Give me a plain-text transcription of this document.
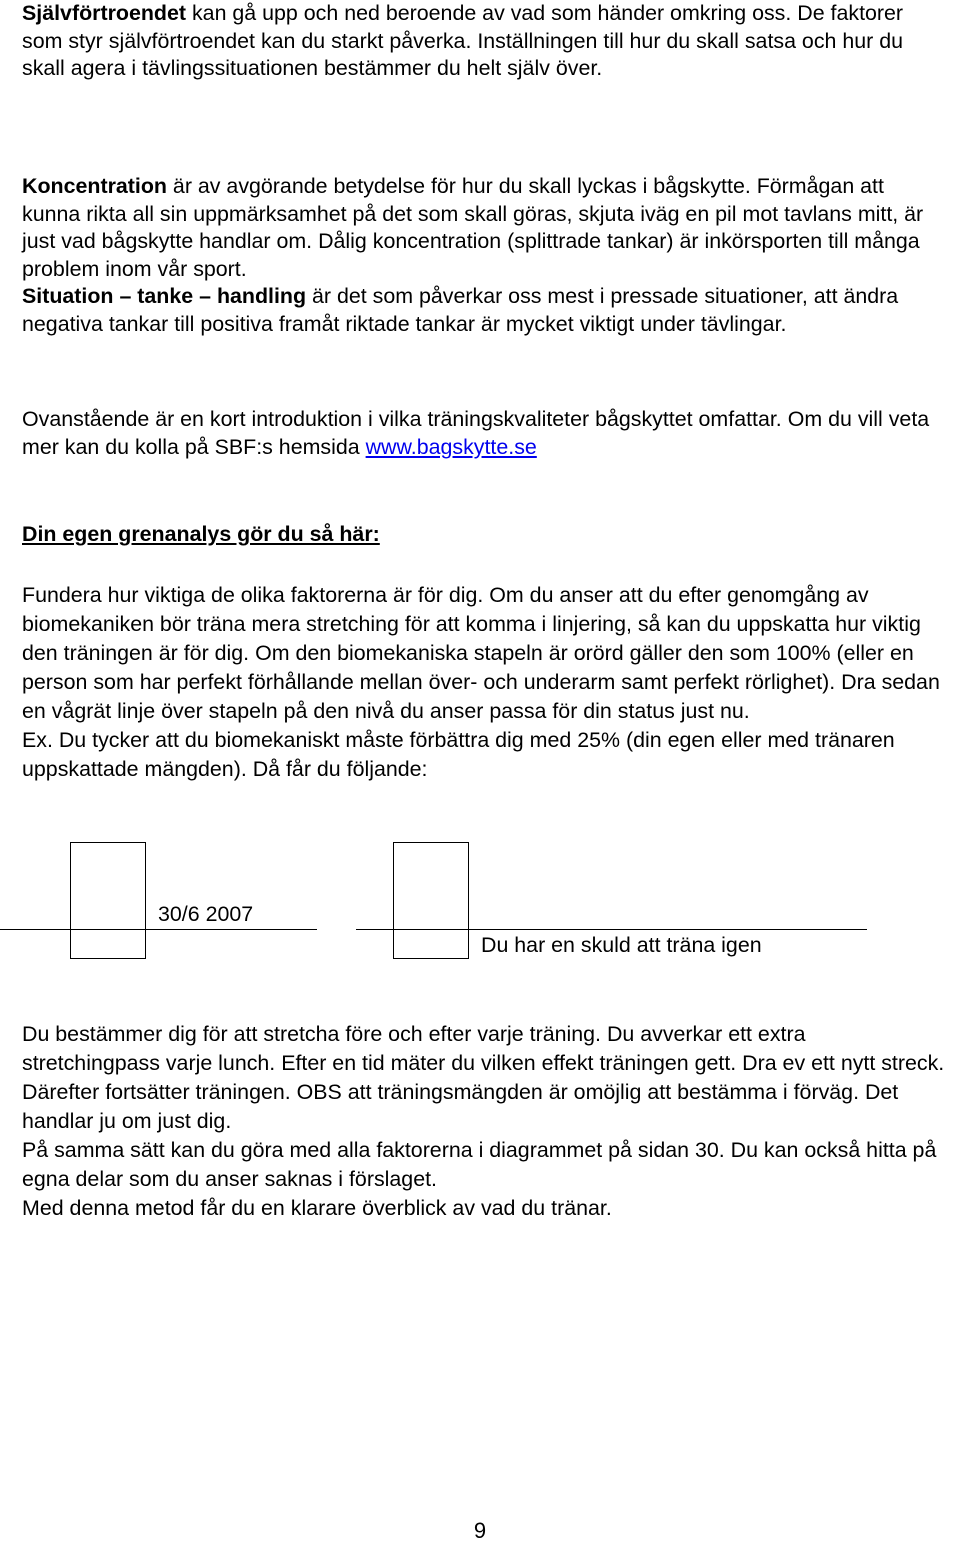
Självförtroendet kan gå upp och ned beroende av vad som händer omkring oss. De faktorer som styr självförtroendet kan du starkt påverka. Inställningen till hur du skall satsa och hur du skall agera i tävlingssituationen bestämmer du helt själv över.

Koncentration är av avgörande betydelse för hur du skall lyckas i bågskytte. Förmågan att kunna rikta all sin uppmärksamhet på det som skall göras, skjuta iväg en pil mot tavlans mitt, är just vad bågskytte handlar om. Dålig koncentration (splittrade tankar) är inkörsporten till många problem inom vår sport.
Situation – tanke – handling är det som påverkar oss mest i pressade situationer, att ändra negativa tankar till positiva framåt riktade tankar är mycket viktigt under tävlingar.

Ovanstående är en kort introduktion i vilka träningskvaliteter bågskyttet omfattar. Om du vill veta mer kan du kolla på SBF:s hemsida www.bagskytte.se

Din egen grenanalys gör du så här:

Fundera hur viktiga de olika faktorerna är för dig. Om du anser att du efter genomgång av biomekaniken bör träna mera stretching för att komma i linjering, så kan du uppskatta hur viktig den träningen är för dig. Om den biomekaniska stapeln är orörd gäller den som 100% (eller en person som har perfekt förhållande mellan över- och underarm samt perfekt rörlighet). Dra sedan en vågrät linje över stapeln på den nivå du anser passa för din status just nu.
Ex. Du tycker att du biomekaniskt måste förbättra dig med 25% (din egen eller med tränaren uppskattade mängden). Då får du följande:

30/6 2007

Du har en skuld att träna igen

Du bestämmer dig för att stretcha före och efter varje träning. Du avverkar ett extra stretchingpass varje lunch. Efter en tid mäter du vilken effekt träningen gett. Dra ev ett nytt streck. Därefter fortsätter träningen. OBS att träningsmängden är omöjlig att bestämma i förväg. Det handlar ju om just dig.
På samma sätt kan du göra med alla faktorerna i diagrammet på sidan 30. Du kan också hitta på egna delar som du anser saknas i förslaget.
Med denna metod får du en klarare överblick av vad du tränar.

9
